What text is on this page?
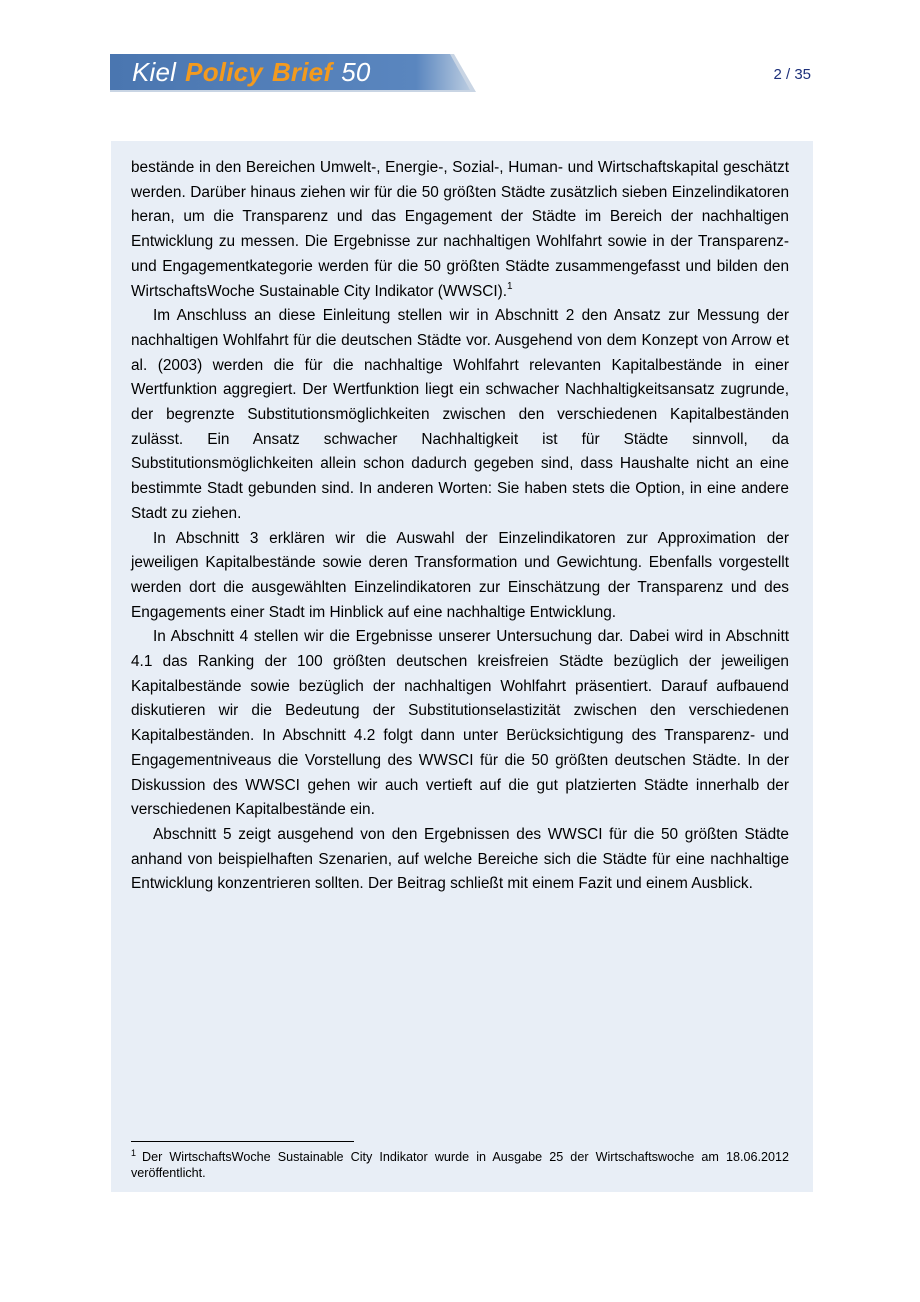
Kiel Policy Brief 50	2 / 35

bestände in den Bereichen Umwelt-, Energie-, Sozial-, Human- und Wirtschaftskapital geschätzt werden. Darüber hinaus ziehen wir für die 50 größten Städte zusätzlich sieben Einzelindikatoren heran, um die Transparenz und das Engagement der Städte im Bereich der nachhaltigen Entwicklung zu messen. Die Ergebnisse zur nachhaltigen Wohlfahrt sowie in der Transparenz- und Engagementkategorie werden für die 50 größten Städte zusammengefasst und bilden den WirtschaftsWoche Sustainable City Indikator (WWSCI).$^1$

Im Anschluss an diese Einleitung stellen wir in Abschnitt 2 den Ansatz zur Messung der nachhaltigen Wohlfahrt für die deutschen Städte vor. Ausgehend von dem Konzept von Arrow et al. (2003) werden die für die nachhaltige Wohlfahrt relevanten Kapitalbestände in einer Wertfunktion aggregiert. Der Wertfunktion liegt ein schwacher Nachhaltigkeitsansatz zugrunde, der begrenzte Substitutionsmöglichkeiten zwischen den verschiedenen Kapitalbeständen zulässt. Ein Ansatz schwacher Nachhaltigkeit ist für Städte sinnvoll, da Substitutionsmöglichkeiten allein schon dadurch gegeben sind, dass Haushalte nicht an eine bestimmte Stadt gebunden sind. In anderen Worten: Sie haben stets die Option, in eine andere Stadt zu ziehen.

In Abschnitt 3 erklären wir die Auswahl der Einzelindikatoren zur Approximation der jeweiligen Kapitalbestände sowie deren Transformation und Gewichtung. Ebenfalls vorgestellt werden dort die ausgewählten Einzelindikatoren zur Einschätzung der Transparenz und des Engagements einer Stadt im Hinblick auf eine nachhaltige Entwicklung.

In Abschnitt 4 stellen wir die Ergebnisse unserer Untersuchung dar. Dabei wird in Abschnitt 4.1 das Ranking der 100 größten deutschen kreisfreien Städte bezüglich der jeweiligen Kapitalbestände sowie bezüglich der nachhaltigen Wohlfahrt präsentiert. Darauf aufbauend diskutieren wir die Bedeutung der Substitutionselastizität zwischen den verschiedenen Kapitalbeständen. In Abschnitt 4.2 folgt dann unter Berücksichtigung des Transparenz- und Engagementniveaus die Vorstellung des WWSCI für die 50 größten deutschen Städte. In der Diskussion des WWSCI gehen wir auch vertieft auf die gut platzierten Städte innerhalb der verschiedenen Kapitalbestände ein.

Abschnitt 5 zeigt ausgehend von den Ergebnissen des WWSCI für die 50 größten Städte anhand von beispielhaften Szenarien, auf welche Bereiche sich die Städte für eine nachhaltige Entwicklung konzentrieren sollten. Der Beitrag schließt mit einem Fazit und einem Ausblick.

$^1$ Der WirtschaftsWoche Sustainable City Indikator wurde in Ausgabe 25 der Wirtschaftswoche am 18.06.2012 veröffentlicht.
